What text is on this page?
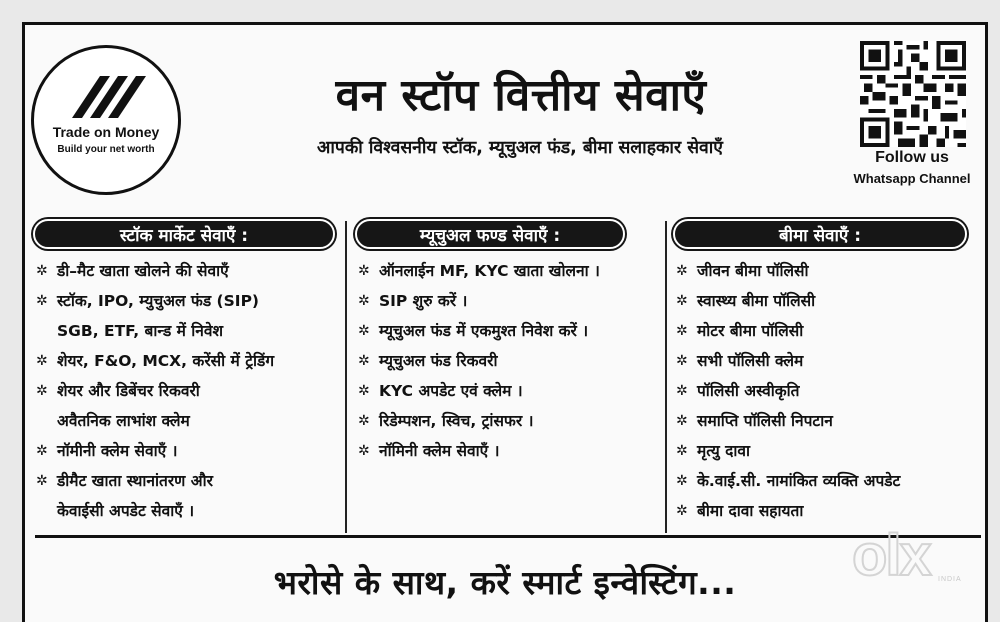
Trade on Money
Build your net worth
वन स्टॉप वित्तीय सेवाएँ
आपकी विश्वसनीय स्टॉक, म्यूचुअल फंड, बीमा सलाहकार सेवाएँ	Follow us
Whatsapp Channel
स्टॉक मार्केट सेवाएँ :
✲ डी–मैट खाता खोलने की सेवाएँ
✲ स्टॉक, IPO, म्युचुअल फंड (SIP)
SGB, ETF, बान्ड में निवेश
✲ शेयर, F&O, MCX, करेंसी में ट्रेडिंग
✲ शेयर और डिबेंचर रिकवरी
अवैतनिक लाभांश क्लेम
✲ नॉमीनी क्लेम सेवाएँ ।
✲ डीमैट खाता स्थानांतरण और
केवाईसी अपडेट सेवाएँ ।
म्यूचुअल फण्ड सेवाएँ :
✲ ऑनलाईन MF, KYC खाता खोलना ।
✲ SIP शुरु करें ।
✲ म्यूचुअल फंड में एकमुश्त निवेश करें ।
✲ म्यूचुअल फंड रिकवरी
✲ KYC अपडेट एवं क्लेम ।
✲ रिडेम्पशन, स्विच, ट्रांसफर ।
✲ नॉमिनी क्लेम सेवाएँ ।
बीमा सेवाएँ :
✲ जीवन बीमा पॉलिसी
✲ स्वास्थ्य बीमा पॉलिसी
✲ मोटर बीमा पॉलिसी
✲ सभी पॉलिसी क्लेम
✲ पॉलिसी अस्वीकृति
✲ समाप्ति पॉलिसी निपटान
✲ मृत्यु दावा
✲ के.वाई.सी. नामांकित व्यक्ति अपडेट
✲ बीमा दावा सहायता
भरोसे के साथ, करें स्मार्ट इन्वेस्टिंग...	olx	INDIA
